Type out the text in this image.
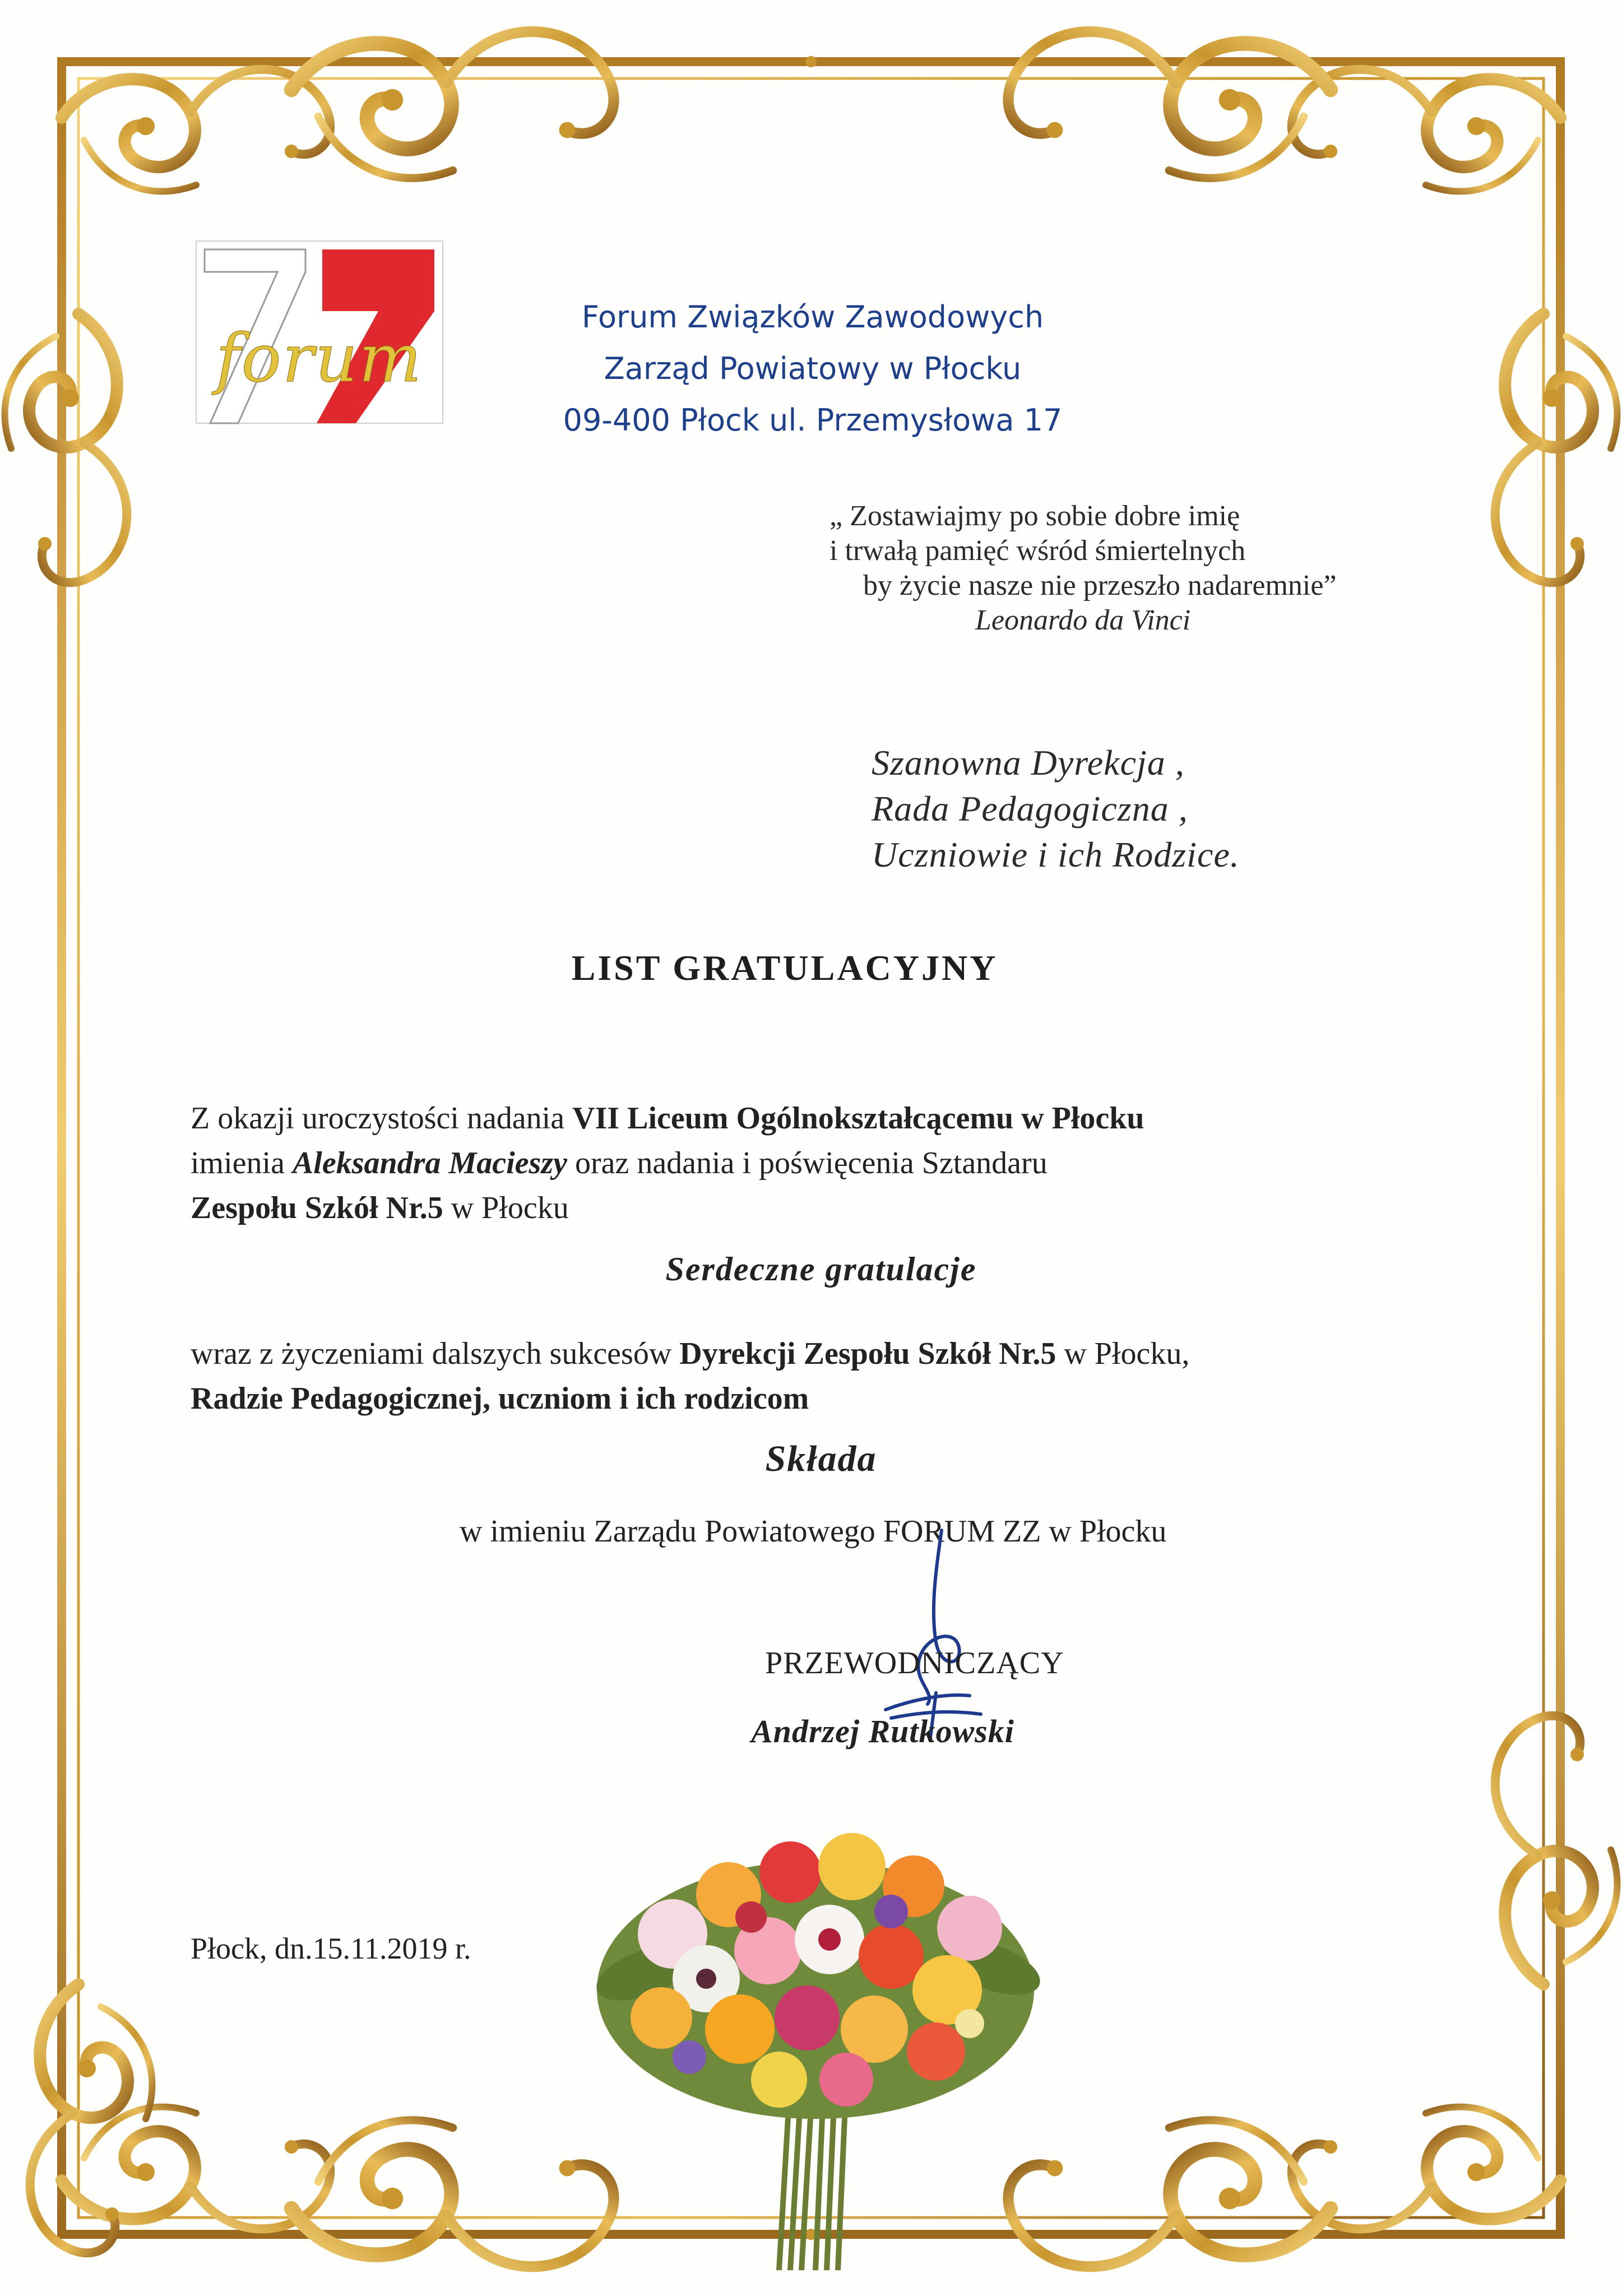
forum
Forum Związków Zawodowych
Zarząd Powiatowy w Płocku
09-400 Płock ul. Przemysłowa 17
„ Zostawiajmy po sobie dobre imię
i trwałą pamięć wśród śmiertelnych
by życie nasze nie przeszło nadaremnie”
Leonardo da Vinci
Szanowna Dyrekcja ,
Rada Pedagogiczna ,
Uczniowie i ich Rodzice.
LIST GRATULACYJNY
Z okazji uroczystości nadania VII Liceum Ogólnokształcącemu w Płocku
imienia Aleksandra Macieszy oraz nadania i poświęcenia Sztandaru
Zespołu Szkół Nr.5 w Płocku
Serdeczne gratulacje
wraz z życzeniami dalszych sukcesów Dyrekcji Zespołu Szkół Nr.5 w Płocku,
Radzie Pedagogicznej, uczniom i ich rodzicom
Składa
w imieniu Zarządu Powiatowego FORUM ZZ w Płocku
PRZEWODNICZĄCY
Andrzej Rutkowski
Płock, dn.15.11.2019 r.
